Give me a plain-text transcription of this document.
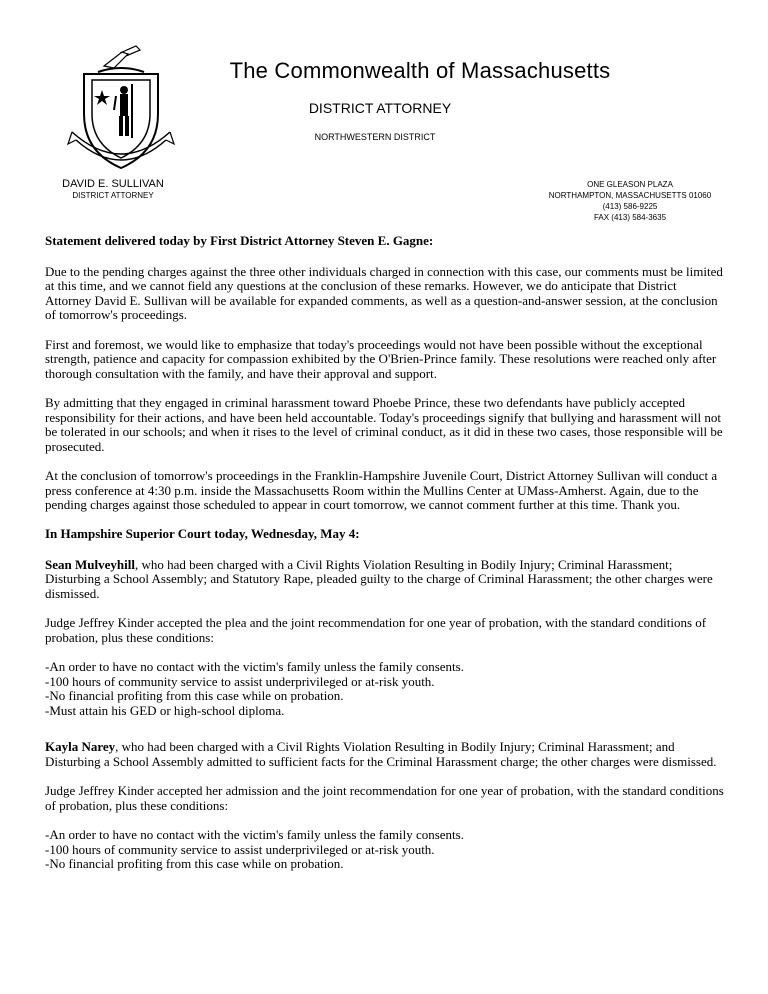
The Commonwealth of Massachusetts
DISTRICT ATTORNEY
NORTHWESTERN DISTRICT
DAVID E. SULLIVAN
DISTRICT ATTORNEY
ONE GLEASON PLAZA
NORTHAMPTON, MASSACHUSETTS 01060
(413) 586-9225
FAX (413) 584-3635

Statement delivered today by First District Attorney Steven E. Gagne:

Due to the pending charges against the three other individuals charged in connection with this case, our comments must be limited at this time, and we cannot field any questions at the conclusion of these remarks. However, we do anticipate that District Attorney David E. Sullivan will be available for expanded comments, as well as a question-and-answer session, at the conclusion of tomorrow's proceedings.

First and foremost, we would like to emphasize that today's proceedings would not have been possible without the exceptional strength, patience and capacity for compassion exhibited by the O'Brien-Prince family. These resolutions were reached only after thorough consultation with the family, and have their approval and support.

By admitting that they engaged in criminal harassment toward Phoebe Prince, these two defendants have publicly accepted responsibility for their actions, and have been held accountable. Today's proceedings signify that bullying and harassment will not be tolerated in our schools; and when it rises to the level of criminal conduct, as it did in these two cases, those responsible will be prosecuted.

At the conclusion of tomorrow's proceedings in the Franklin-Hampshire Juvenile Court, District Attorney Sullivan will conduct a press conference at 4:30 p.m. inside the Massachusetts Room within the Mullins Center at UMass-Amherst. Again, due to the pending charges against those scheduled to appear in court tomorrow, we cannot comment further at this time. Thank you.

In Hampshire Superior Court today, Wednesday, May 4:

Sean Mulveyhill, who had been charged with a Civil Rights Violation Resulting in Bodily Injury; Criminal Harassment; Disturbing a School Assembly; and Statutory Rape, pleaded guilty to the charge of Criminal Harassment; the other charges were dismissed.

Judge Jeffrey Kinder accepted the plea and the joint recommendation for one year of probation, with the standard conditions of probation, plus these conditions:

-An order to have no contact with the victim's family unless the family consents.

-100 hours of community service to assist underprivileged or at-risk youth.

-No financial profiting from this case while on probation.

-Must attain his GED or high-school diploma.

Kayla Narey, who had been charged with a Civil Rights Violation Resulting in Bodily Injury; Criminal Harassment; and Disturbing a School Assembly admitted to sufficient facts for the Criminal Harassment charge; the other charges were dismissed.

Judge Jeffrey Kinder accepted her admission and the joint recommendation for one year of probation, with the standard conditions of probation, plus these conditions:

-An order to have no contact with the victim's family unless the family consents.

-100 hours of community service to assist underprivileged or at-risk youth.

-No financial profiting from this case while on probation.
